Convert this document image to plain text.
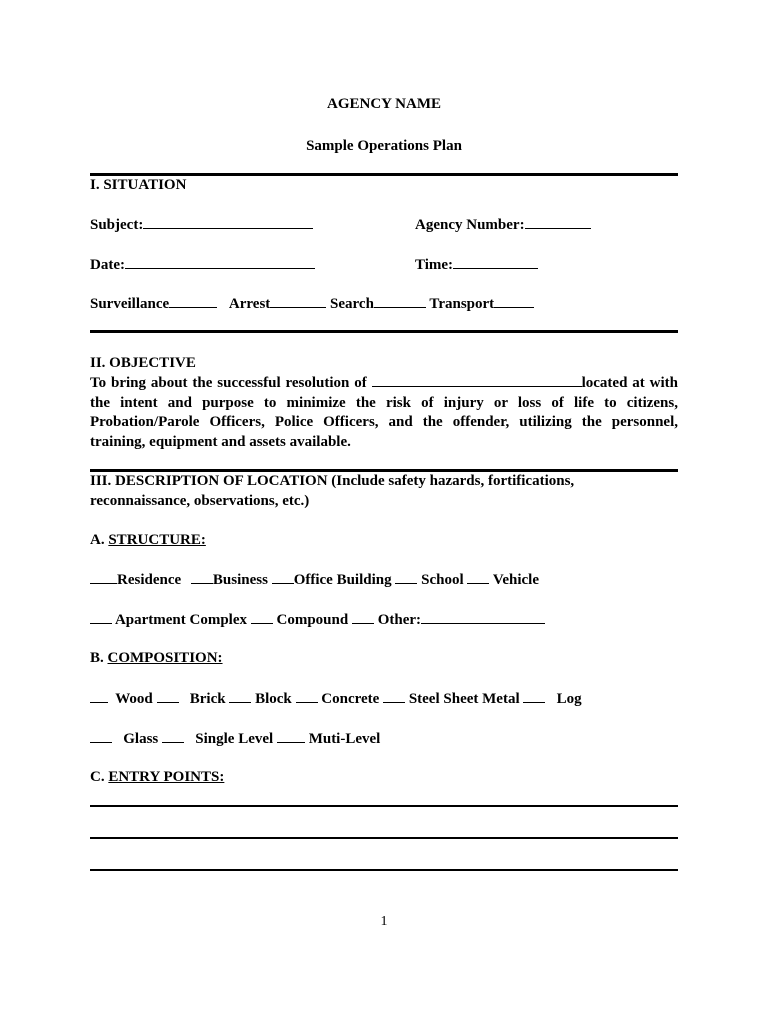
AGENCY NAME
Sample Operations Plan
I. SITUATION
Subject:	Agency Number:
Date:	Time:
Surveillance	Arrest	Search	Transport
II. OBJECTIVE
To bring about the successful resolution of	located at with the intent and purpose to minimize the risk of injury or loss of life to citizens, Probation/Parole Officers, Police Officers, and the offender, utilizing the personnel, training, equipment and assets available.
III. DESCRIPTION OF LOCATION (Include safety hazards, fortifications,
reconnaissance, observations, etc.)
A. STRUCTURE:
Residence Business Office Building School Vehicle
Apartment Complex Compound Other:
B. COMPOSITION:
Wood Brick Block Concrete Steel Sheet Metal Log
Glass Single Level Muti-Level
C. ENTRY POINTS:
1
